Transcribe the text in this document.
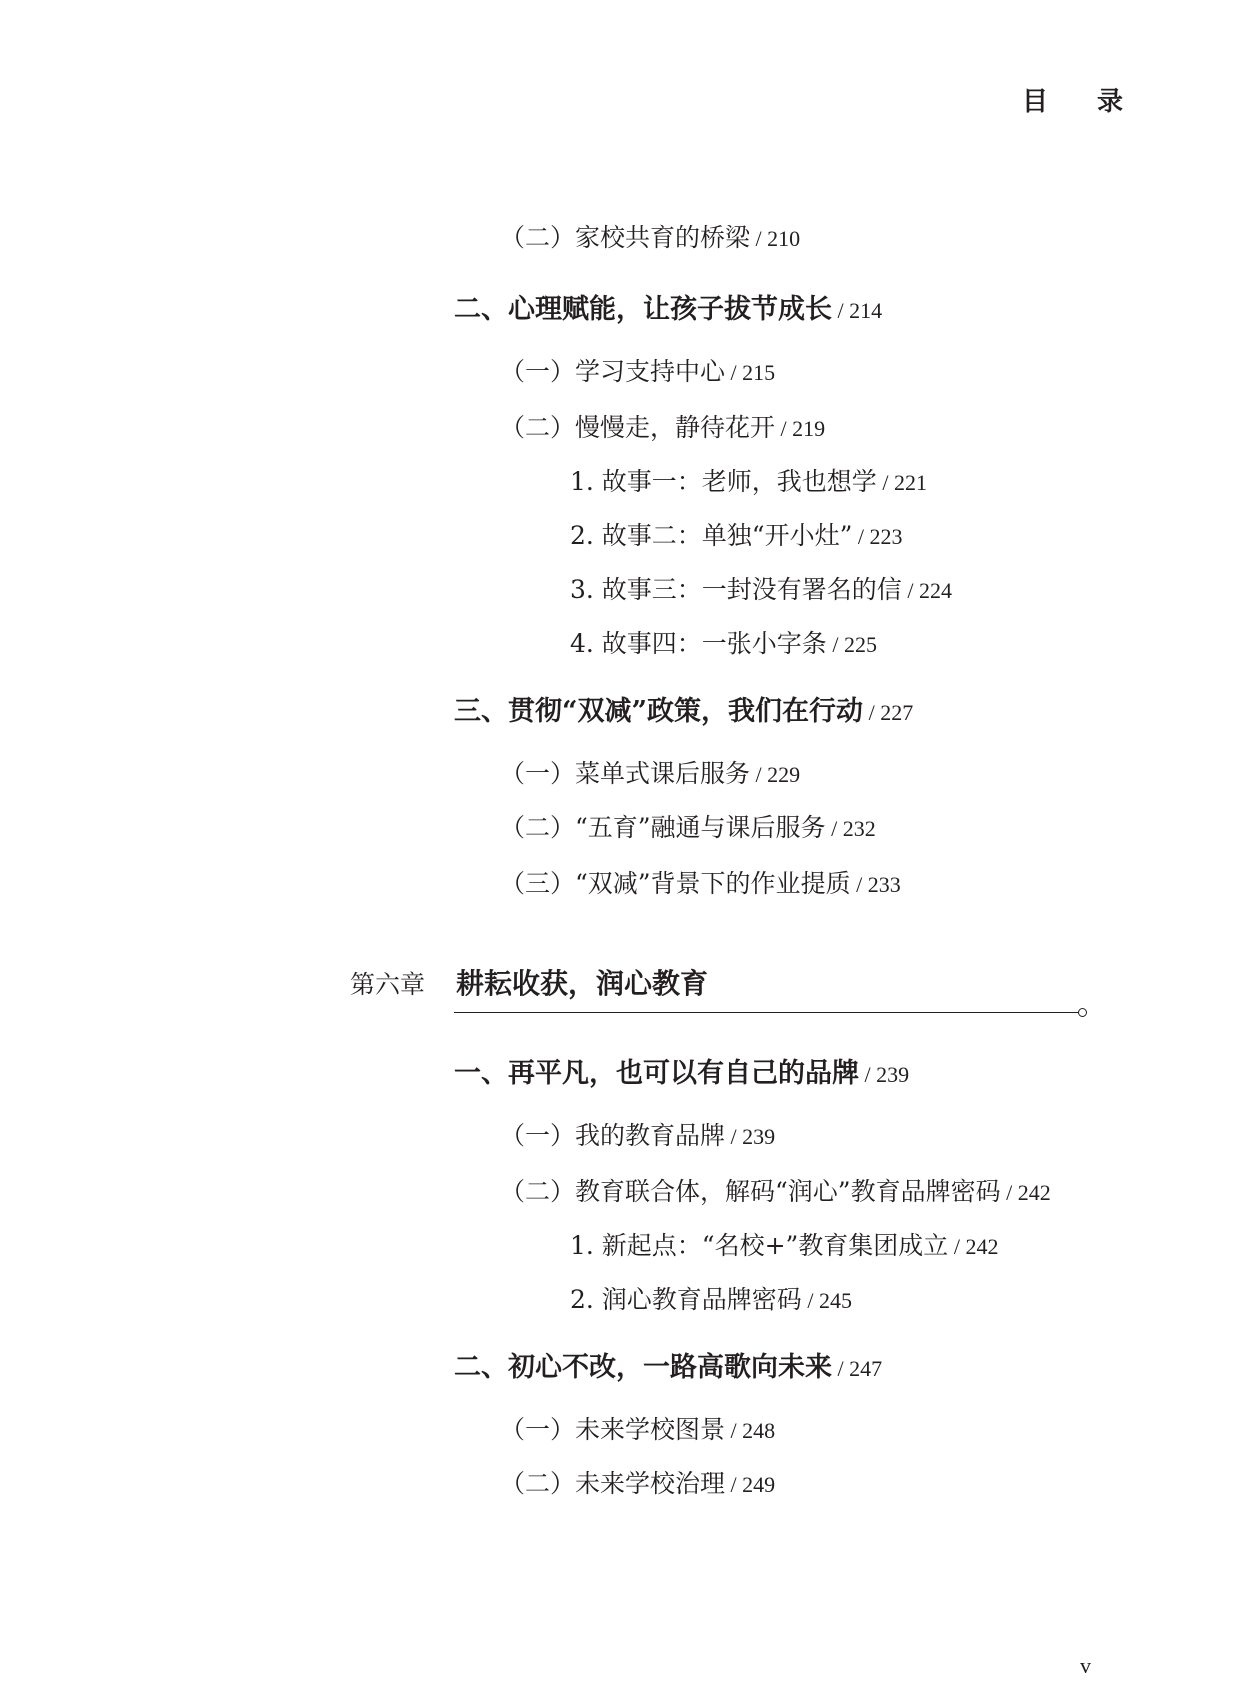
目 录
（二）家校共育的桥梁 / 210
二、心理赋能，让孩子拔节成长 / 214
（一）学习支持中心 / 215
（二）慢慢走，静待花开 / 219
1. 故事一：老师，我也想学 / 221
2. 故事二：单独“开小灶” / 223
3. 故事三：一封没有署名的信 / 224
4. 故事四：一张小字条 / 225
三、贯彻“双减”政策，我们在行动 / 227
（一）菜单式课后服务 / 229
（二）“五育”融通与课后服务 / 232
（三）“双减”背景下的作业提质 / 233
第六章 耕耘收获，润心教育
一、再平凡，也可以有自己的品牌 / 239
（一）我的教育品牌 / 239
（二）教育联合体，解码“润心”教育品牌密码 / 242
1. 新起点：“名校+”教育集团成立 / 242
2. 润心教育品牌密码 / 245
二、初心不改，一路高歌向未来 / 247
（一）未来学校图景 / 248
（二）未来学校治理 / 249
v
